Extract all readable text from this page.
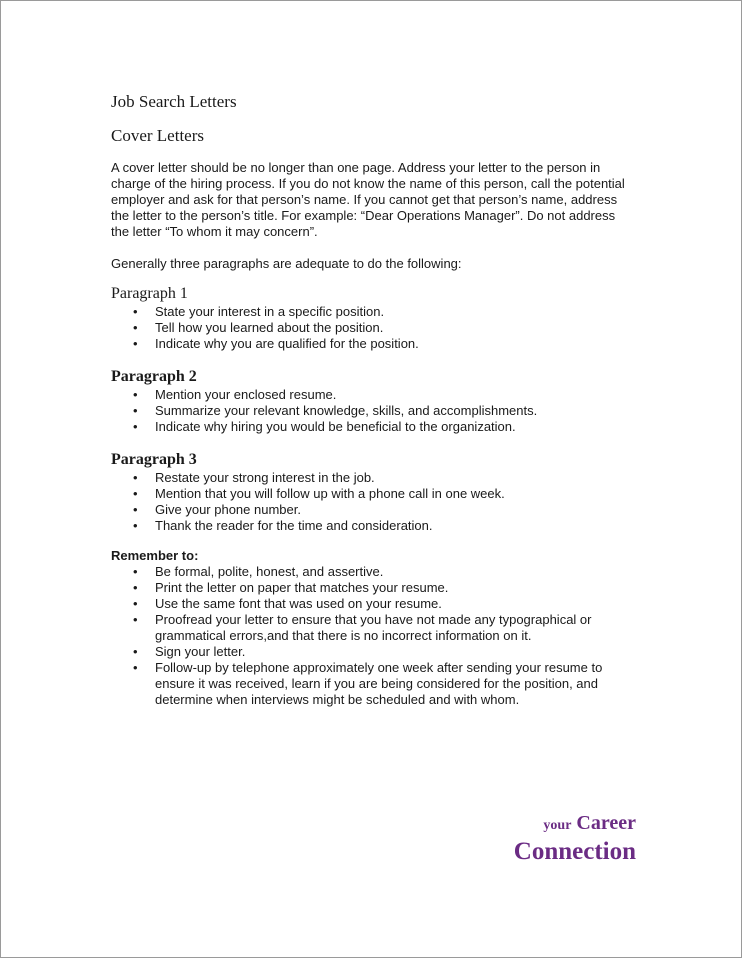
Job Search Letters
Cover Letters
A cover letter should be no longer than one page. Address your letter to the person in charge of the hiring process. If you do not know the name of this person, call the potential employer and ask for that person’s name. If you cannot get that person’s name, address the letter to the person’s title. For example: “Dear Operations Manager”. Do not address the letter “To whom it may concern”.
Generally three paragraphs are adequate to do the following:
Paragraph 1
• State your interest in a specific position.
• Tell how you learned about the position.
• Indicate why you are qualified for the position.
Paragraph 2
• Mention your enclosed resume.
• Summarize your relevant knowledge, skills, and accomplishments.
• Indicate why hiring you would be beneficial to the organization.
Paragraph 3
• Restate your strong interest in the job.
• Mention that you will follow up with a phone call in one week.
• Give your phone number.
• Thank the reader for the time and consideration.
Remember to:
• Be formal, polite, honest, and assertive.
• Print the letter on paper that matches your resume.
• Use the same font that was used on your resume.
• Proofread your letter to ensure that you have not made any typographical or grammatical errors,and that there is no incorrect information on it.
• Sign your letter.
• Follow-up by telephone approximately one week after sending your resume to ensure it was received, learn if you are being considered for the position, and determine when interviews might be scheduled and with whom.
your Career
Connection
